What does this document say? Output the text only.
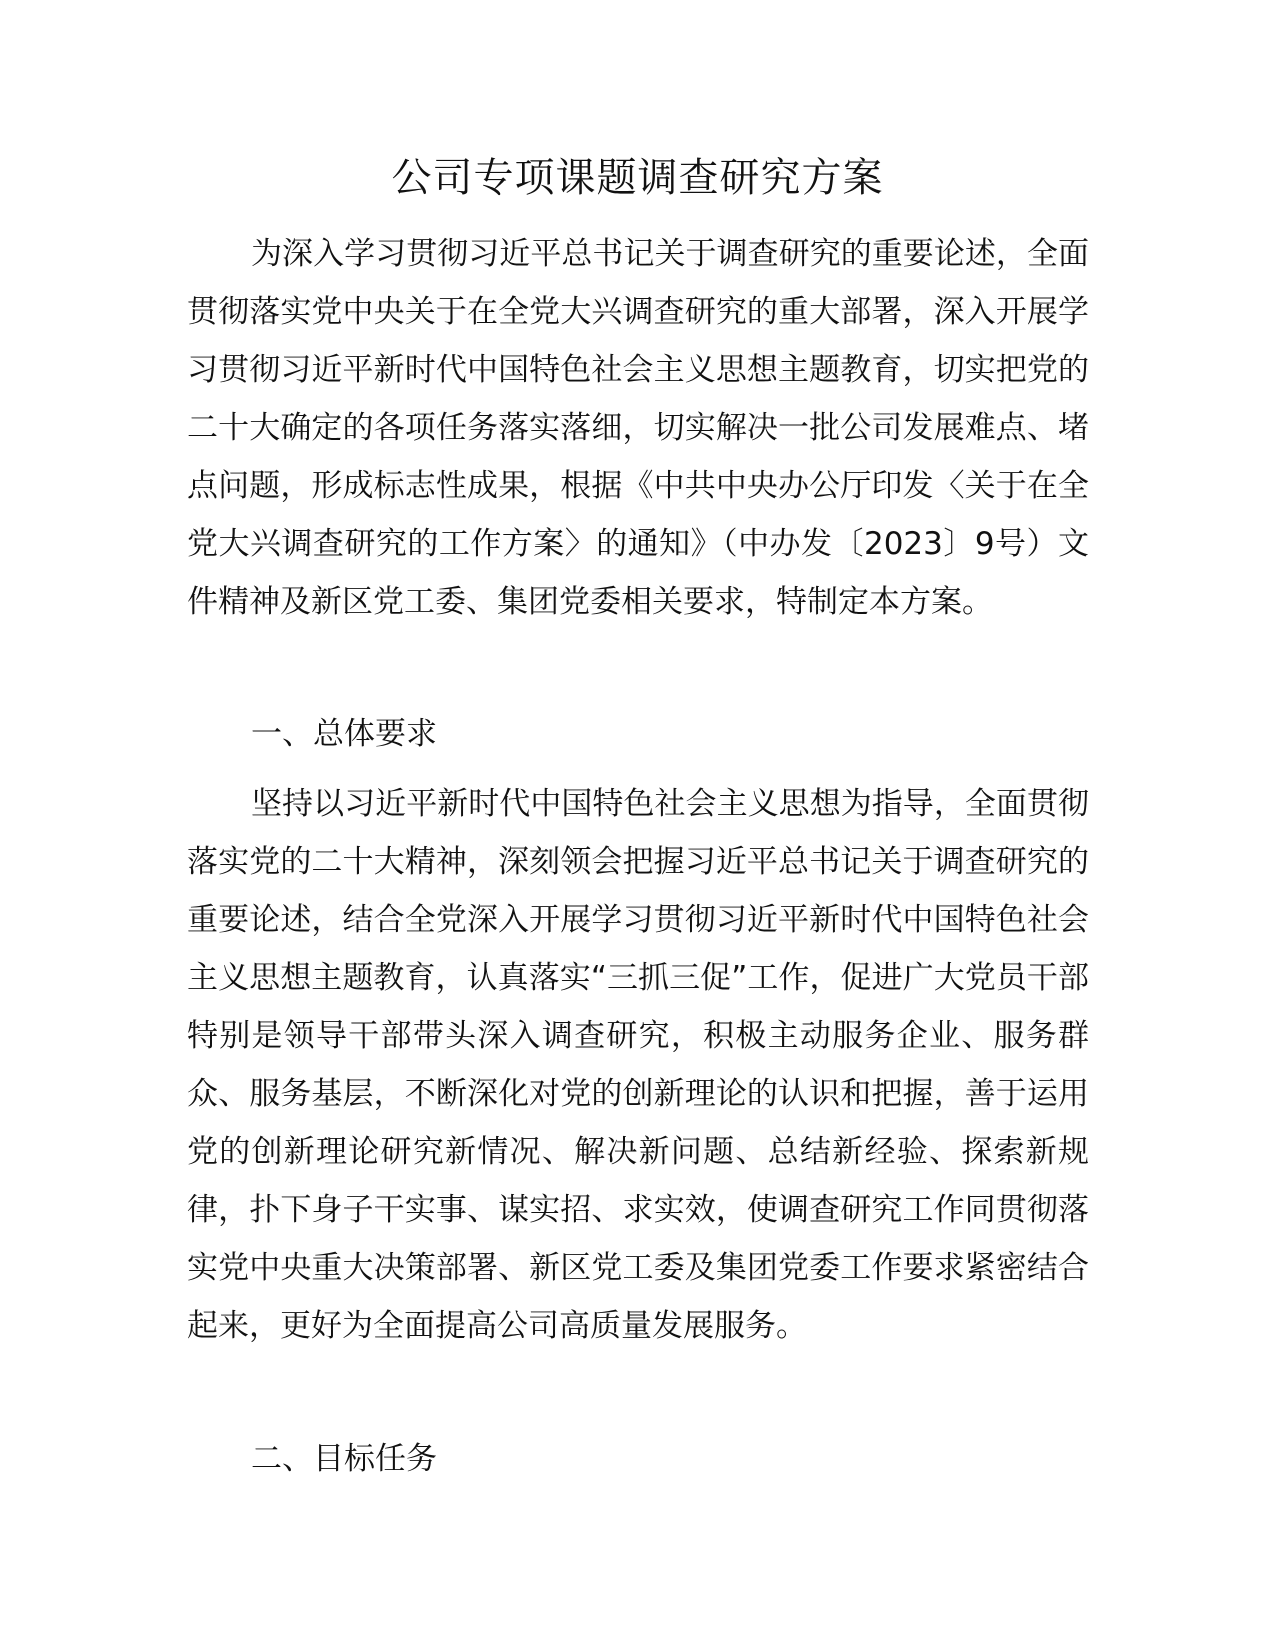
公司专项课题调查研究方案

为深入学习贯彻习近平总书记关于调查研究的重要论述，全面贯彻落实党中央关于在全党大兴调查研究的重大部署，深入开展学习贯彻习近平新时代中国特色社会主义思想主题教育，切实把党的二十大确定的各项任务落实落细，切实解决一批公司发展难点、堵点问题，形成标志性成果，根据《中共中央办公厅印发〈关于在全党大兴调查研究的工作方案〉的通知》（中办发〔2023〕9号）文件精神及新区党工委、集团党委相关要求，特制定本方案。

一、总体要求

坚持以习近平新时代中国特色社会主义思想为指导，全面贯彻落实党的二十大精神，深刻领会把握习近平总书记关于调查研究的重要论述，结合全党深入开展学习贯彻习近平新时代中国特色社会主义思想主题教育，认真落实“三抓三促”工作，促进广大党员干部特别是领导干部带头深入调查研究，积极主动服务企业、服务群众、服务基层，不断深化对党的创新理论的认识和把握，善于运用党的创新理论研究新情况、解决新问题、总结新经验、探索新规律，扑下身子干实事、谋实招、求实效，使调查研究工作同贯彻落实党中央重大决策部署、新区党工委及集团党委工作要求紧密结合起来，更好为全面提高公司高质量发展服务。

二、目标任务
